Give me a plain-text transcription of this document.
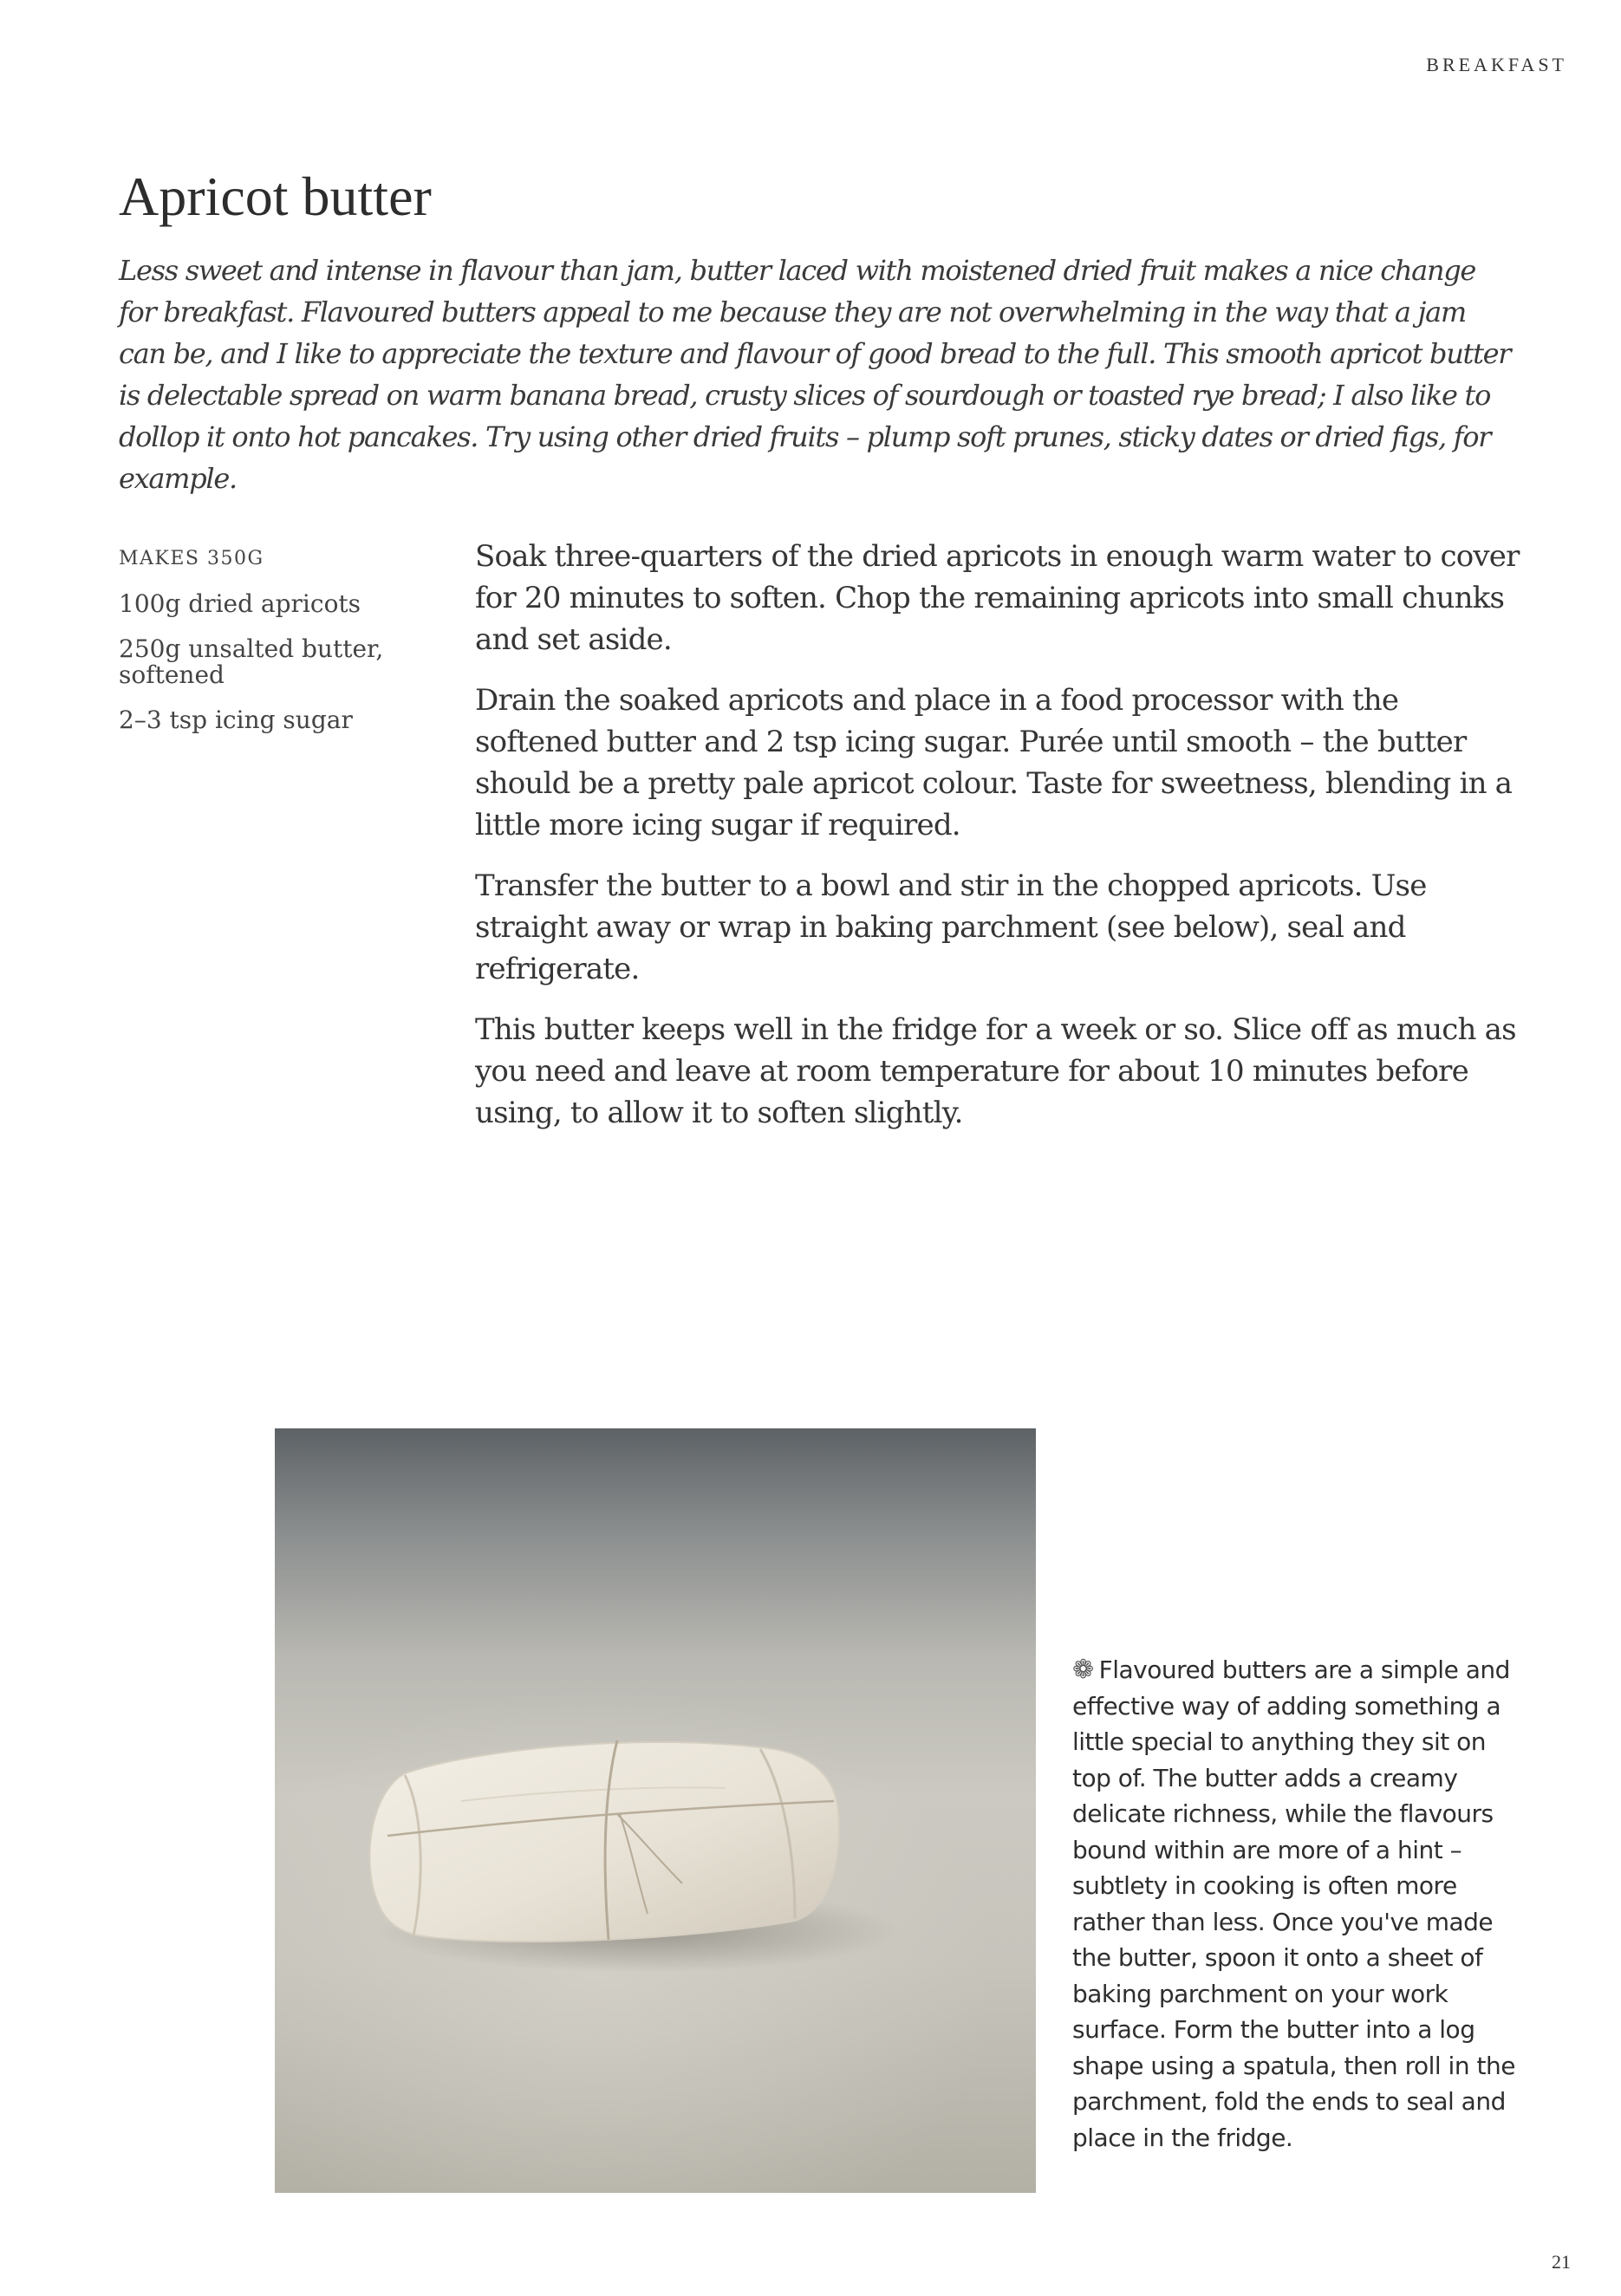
BREAKFAST
Apricot butter

Less sweet and intense in flavour than jam, butter laced with moistened dried fruit makes a nice change for breakfast. Flavoured butters appeal to me because they are not overwhelming in the way that a jam can be, and I like to appreciate the texture and flavour of good bread to the full. This smooth apricot butter is delectable spread on warm banana bread, crusty slices of sourdough or toasted rye bread; I also like to dollop it onto hot pancakes. Try using other dried fruits – plump soft prunes, sticky dates or dried figs, for example.

MAKES 350G
100g dried apricots
250g unsalted butter, softened
2–3 tsp icing sugar

Soak three-quarters of the dried apricots in enough warm water to cover for 20 minutes to soften. Chop the remaining apricots into small chunks and set aside.

Drain the soaked apricots and place in a food processor with the softened butter and 2 tsp icing sugar. Purée until smooth – the butter should be a pretty pale apricot colour. Taste for sweetness, blending in a little more icing sugar if required.

Transfer the butter to a bowl and stir in the chopped apricots. Use straight away or wrap in baking parchment (see below), seal and refrigerate.

This butter keeps well in the fridge for a week or so. Slice off as much as you need and leave at room temperature for about 10 minutes before using, to allow it to soften slightly.

❁ Flavoured butters are a simple and effective way of adding something a little special to anything they sit on top of. The butter adds a creamy delicate richness, while the flavours bound within are more of a hint – subtlety in cooking is often more rather than less. Once you've made the butter, spoon it onto a sheet of baking parchment on your work surface. Form the butter into a log shape using a spatula, then roll in the parchment, fold the ends to seal and place in the fridge.
21
